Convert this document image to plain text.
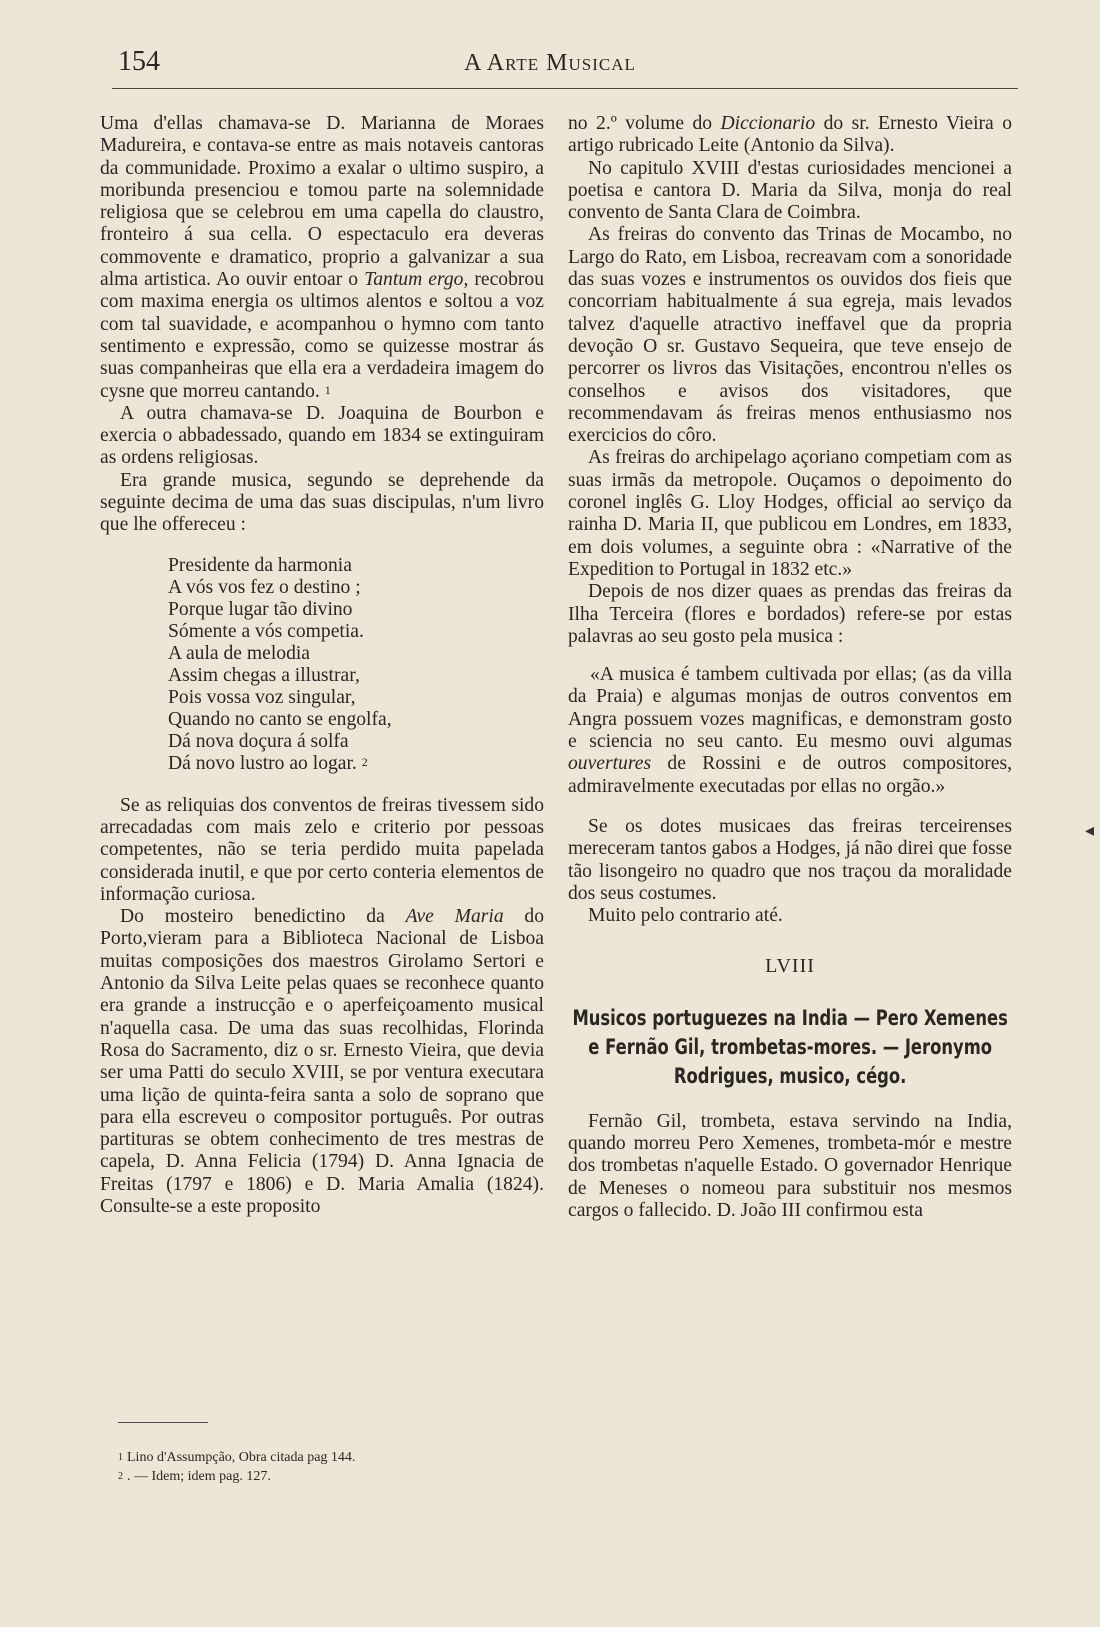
154	A Arte Musical

Uma d'ellas chamava-se D. Marianna de Moraes Madureira, e contava-se entre as mais notaveis cantoras da communidade. Proximo a exalar o ultimo suspiro, a moribunda presenciou e tomou parte na solemnidade religiosa que se celebrou em uma capella do claustro, fronteiro á sua cella. O espectaculo era deveras commovente e dramatico, proprio a galvanizar a sua alma artistica. Ao ouvir entoar o Tantum ergo, recobrou com maxima energia os ultimos alentos e soltou a voz com tal suavidade, e acompanhou o hymno com tanto sentimento e expressão, como se quizesse mostrar ás suas companheiras que ella era a verdadeira imagem do cysne que morreu cantando. $^1$

A outra chamava-se D. Joaquina de Bourbon e exercia o abbadessado, quando em 1834 se extinguiram as ordens religiosas.

Era grande musica, segundo se deprehende da seguinte decima de uma das suas discipulas, n'um livro que lhe offereceu :

Presidente da harmonia
A vós vos fez o destino ;
Porque lugar tão divino
Sómente a vós competia.
A aula de melodia
Assim chegas a illustrar,
Pois vossa voz singular,
Quando no canto se engolfa,
Dá nova doçura á solfa
Dá novo lustro ao logar. $^2$

Se as reliquias dos conventos de freiras tivessem sido arrecadadas com mais zelo e criterio por pessoas competentes, não se teria perdido muita papelada considerada inutil, e que por certo conteria elementos de informação curiosa.

Do mosteiro benedictino da Ave Maria do Porto,vieram para a Biblioteca Nacional de Lisboa muitas composições dos maestros Girolamo Sertori e Antonio da Silva Leite pelas quaes se reconhece quanto era grande a instrucção e o aperfeiçoamento musical n'aquella casa. De uma das suas recolhidas, Florinda Rosa do Sacramento, diz o sr. Ernesto Vieira, que devia ser uma Patti do seculo XVIII, se por ventura executara uma lição de quinta-feira santa a solo de soprano que para ella escreveu o compositor português. Por outras partituras se obtem conhecimento de tres mestras de capela, D. Anna Felicia (1794) D. Anna Ignacia de Freitas (1797 e 1806) e D. Maria Amalia (1824). Consulte-se a este proposito

no 2.º volume do Diccionario do sr. Ernesto Vieira o artigo rubricado Leite (Antonio da Silva).

No capitulo XVIII d'estas curiosidades mencionei a poetisa e cantora D. Maria da Silva, monja do real convento de Santa Clara de Coimbra.

As freiras do convento das Trinas de Mocambo, no Largo do Rato, em Lisboa, recreavam com a sonoridade das suas vozes e instrumentos os ouvidos dos fieis que concorriam habitualmente á sua egreja, mais levados talvez d'aquelle atractivo ineffavel que da propria devoção O sr. Gustavo Sequeira, que teve ensejo de percorrer os livros das Visitações, encontrou n'elles os conselhos e avisos dos visitadores, que recommendavam ás freiras menos enthusiasmo nos exercicios do côro.

As freiras do archipelago açoriano competiam com as suas irmãs da metropole. Ouçamos o depoimento do coronel inglês G. Lloy Hodges, official ao serviço da rainha D. Maria II, que publicou em Londres, em 1833, em dois volumes, a seguinte obra : «Narrative of the Expedition to Portugal in 1832 etc.»

Depois de nos dizer quaes as prendas das freiras da Ilha Terceira (flores e bordados) refere-se por estas palavras ao seu gosto pela musica :

«A musica é tambem cultivada por ellas; (as da villa da Praia) e algumas monjas de outros conventos em Angra possuem vozes magnificas, e demonstram gosto e sciencia no seu canto. Eu mesmo ouvi algumas ouvertures de Rossini e de outros compositores, admiravelmente executadas por ellas no orgão.»

Se os dotes musicaes das freiras terceirenses mereceram tantos gabos a Hodges, já não direi que fosse tão lisongeiro no quadro que nos traçou da moralidade dos seus costumes.

Muito pelo contrario até.

LVIII
Musicos portuguezes na India — Pero Xemenes e Fernão Gil, trombetas-mores. — Jeronymo Rodrigues, musico, cégo.

Fernão Gil, trombeta, estava servindo na India, quando morreu Pero Xemenes, trombeta-mór e mestre dos trombetas n'aquelle Estado. O governador Henrique de Meneses o nomeou para substituir nos mesmos cargos o fallecido. D. João III confirmou esta

$^1$ Lino d'Assumpção, Obra citada pag 144.
$^2$ . — Idem; idem pag. 127.
◂
